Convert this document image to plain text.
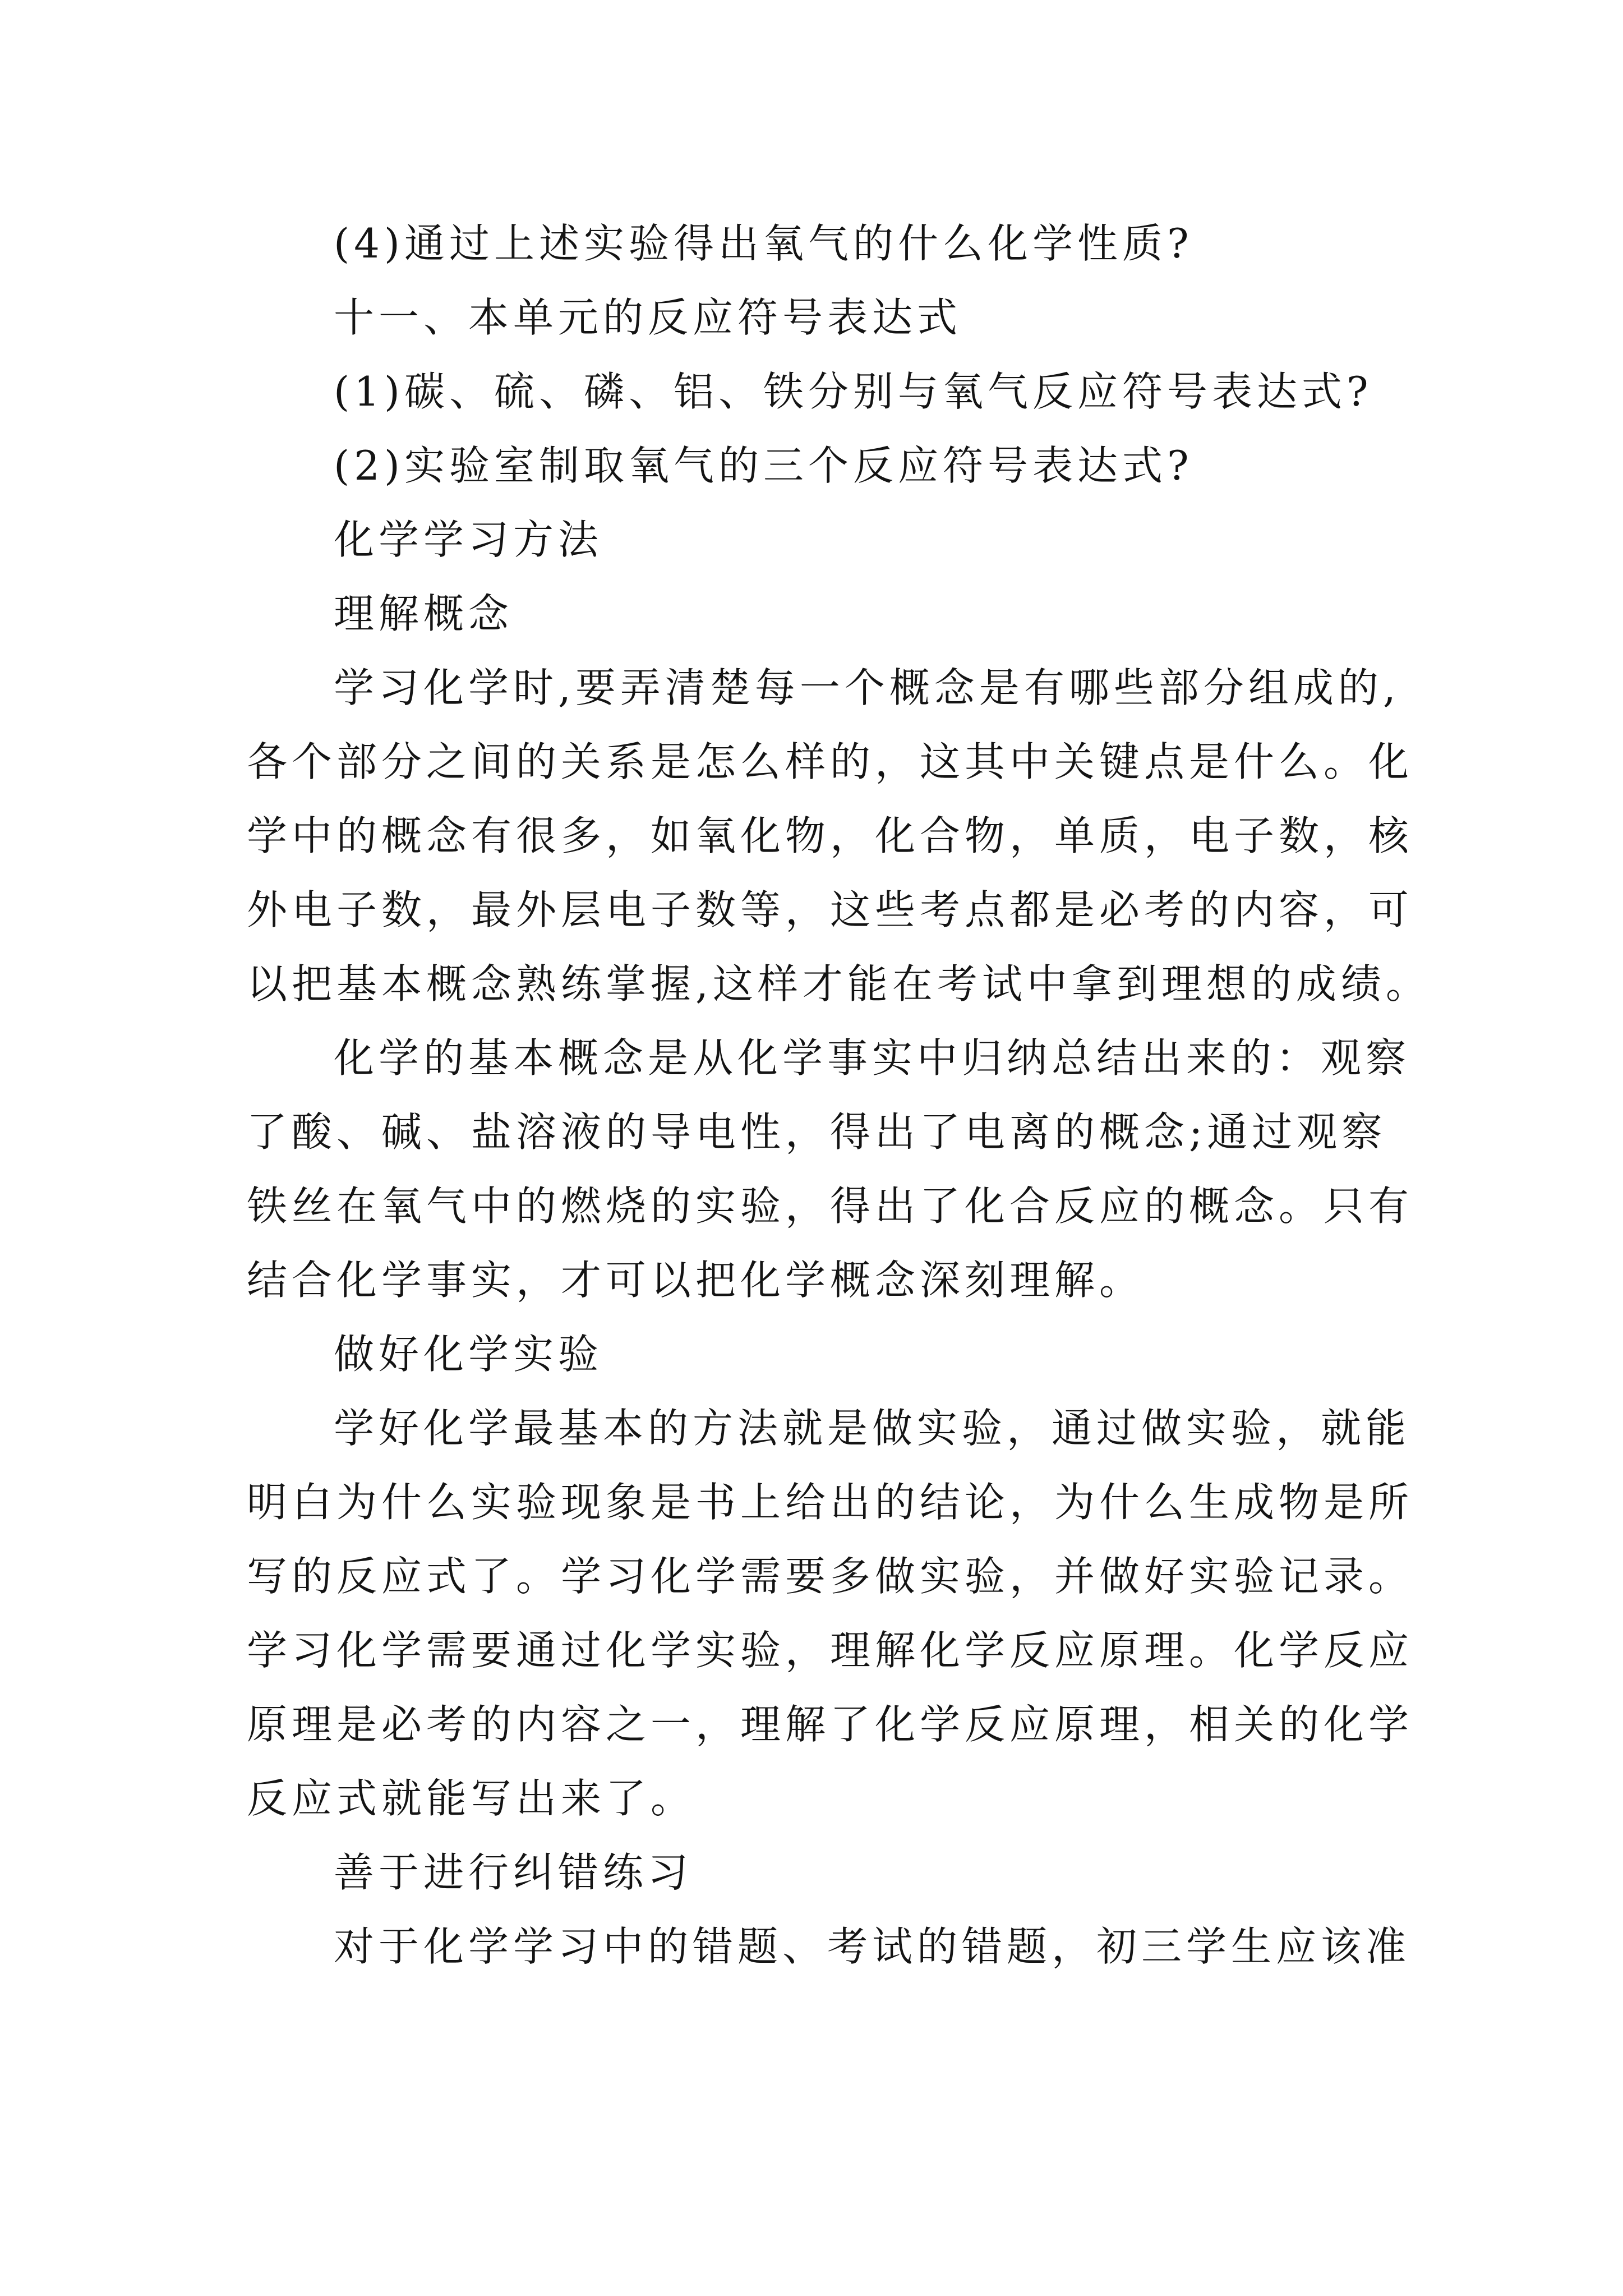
(4)通过上述实验得出氧气的什么化学性质?

十一、本单元的反应符号表达式

(1)碳、硫、磷、铝、铁分别与氧气反应符号表达式?

(2)实验室制取氧气的三个反应符号表达式?

化学学习方法

理解概念

学习化学时,要弄清楚每一个概念是有哪些部分组成的,
各个部分之间的关系是怎么样的，这其中关键点是什么。化
学中的概念有很多，如氧化物，化合物，单质，电子数，核
外电子数，最外层电子数等，这些考点都是必考的内容，可
以把基本概念熟练掌握,这样才能在考试中拿到理想的成绩。
化学的基本概念是从化学事实中归纳总结出来的：观察
了酸、碱、盐溶液的导电性，得出了电离的概念;通过观察
铁丝在氧气中的燃烧的实验，得出了化合反应的概念。只有
结合化学事实，才可以把化学概念深刻理解。

做好化学实验

学好化学最基本的方法就是做实验，通过做实验，就能
明白为什么实验现象是书上给出的结论，为什么生成物是所
写的反应式了。学习化学需要多做实验，并做好实验记录。
学习化学需要通过化学实验，理解化学反应原理。化学反应
原理是必考的内容之一，理解了化学反应原理，相关的化学
反应式就能写出来了。

善于进行纠错练习

对于化学学习中的错题、考试的错题，初三学生应该准
